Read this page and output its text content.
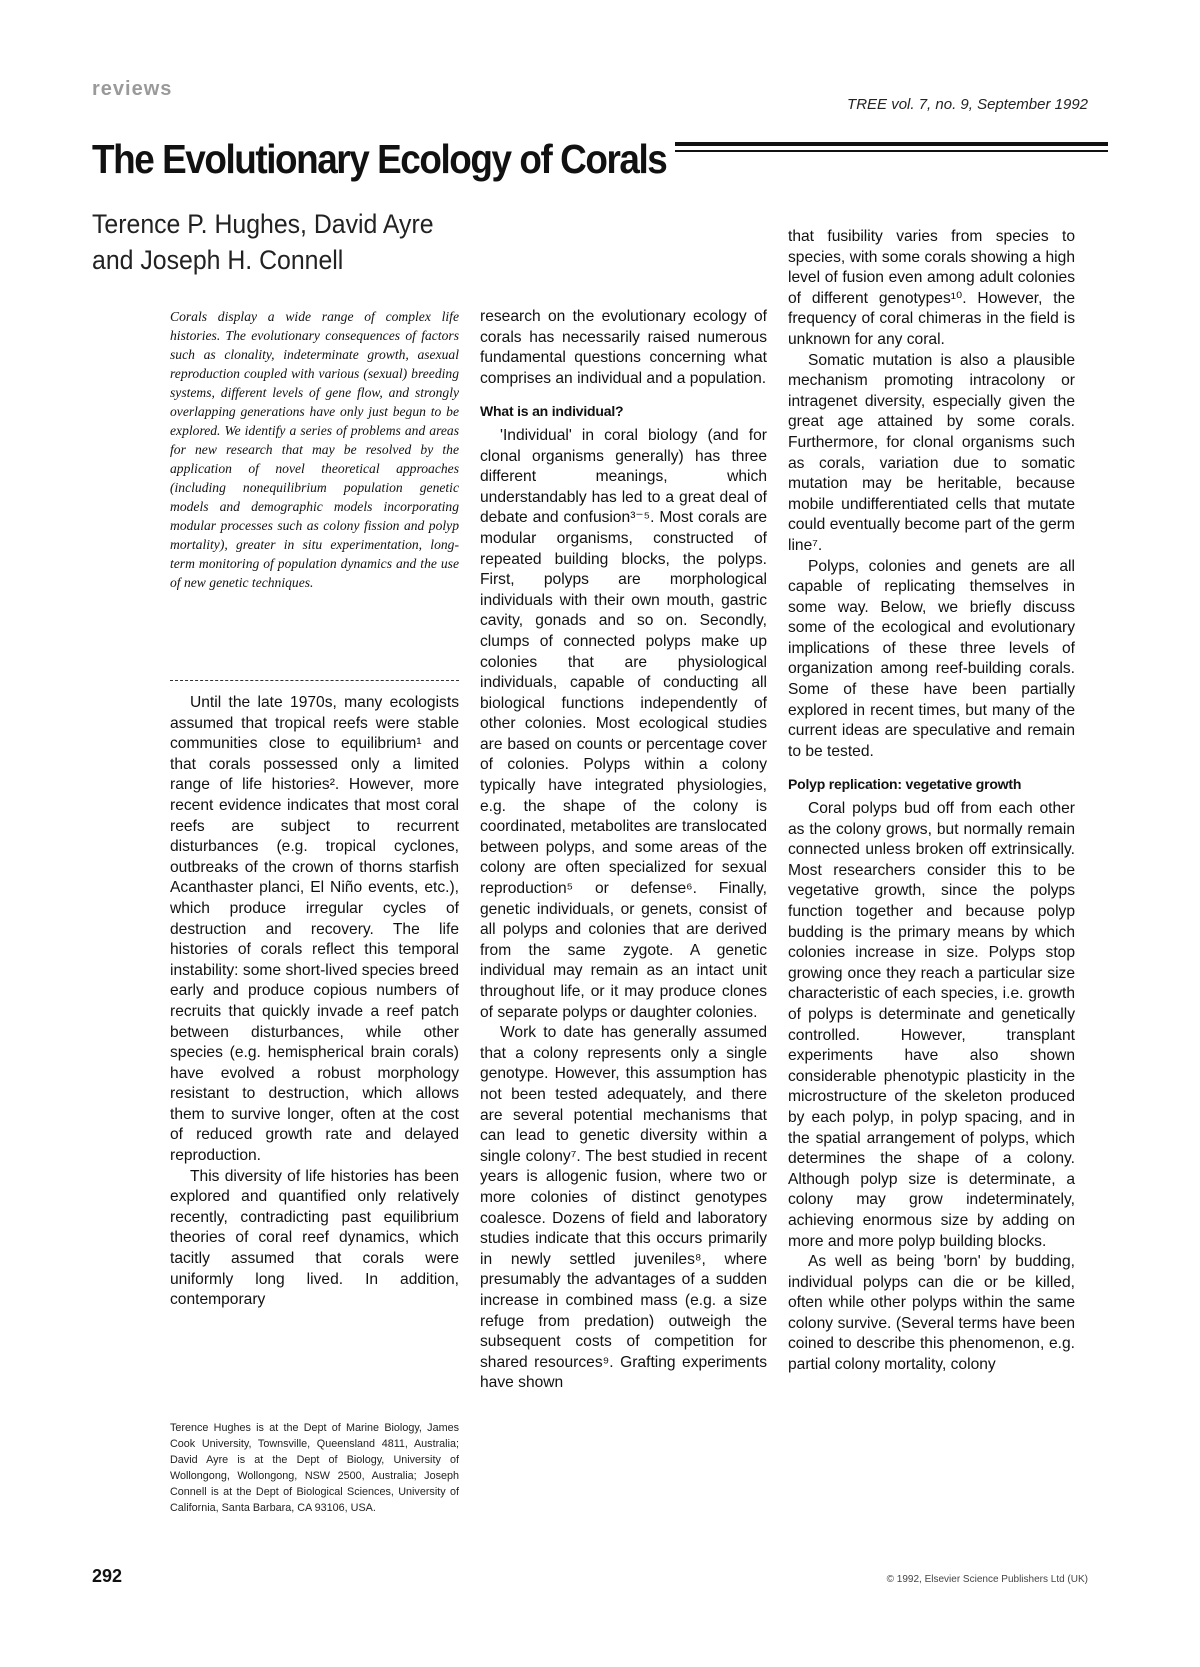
reviews
TREE vol. 7, no. 9, September 1992
The Evolutionary Ecology of Corals
Terence P. Hughes, David Ayre
and Joseph H. Connell
Corals display a wide range of complex life histories. The evolutionary consequences of factors such as clonality, indeterminate growth, asexual reproduction coupled with various (sexual) breeding systems, different levels of gene flow, and strongly overlapping generations have only just begun to be explored. We identify a series of problems and areas for new research that may be resolved by the application of novel theoretical approaches (including nonequilibrium population genetic models and demographic models incorporating modular processes such as colony fission and polyp mortality), greater in situ experimentation, long-term monitoring of population dynamics and the use of new genetic techniques.

Until the late 1970s, many ecologists assumed that tropical reefs were stable communities close to equilibrium¹ and that corals possessed only a limited range of life histories². However, more recent evidence indicates that most coral reefs are subject to recurrent disturbances (e.g. tropical cyclones, outbreaks of the crown of thorns starfish Acanthaster planci, El Niño events, etc.), which produce irregular cycles of destruction and recovery. The life histories of corals reflect this temporal instability: some short-lived species breed early and produce copious numbers of recruits that quickly invade a reef patch between disturbances, while other species (e.g. hemispherical brain corals) have evolved a robust morphology resistant to destruction, which allows them to survive longer, often at the cost of reduced growth rate and delayed reproduction.

This diversity of life histories has been explored and quantified only relatively recently, contradicting past equilibrium theories of coral reef dynamics, which tacitly assumed that corals were uniformly long lived. In addition, contemporary

Terence Hughes is at the Dept of Marine Biology, James Cook University, Townsville, Queensland 4811, Australia; David Ayre is at the Dept of Biology, University of Wollongong, Wollongong, NSW 2500, Australia; Joseph Connell is at the Dept of Biological Sciences, University of California, Santa Barbara, CA 93106, USA.

research on the evolutionary ecology of corals has necessarily raised numerous fundamental questions concerning what comprises an individual and a population.

What is an individual?

'Individual' in coral biology (and for clonal organisms generally) has three different meanings, which understandably has led to a great deal of debate and confusion³⁻⁵. Most corals are modular organisms, constructed of repeated building blocks, the polyps. First, polyps are morphological individuals with their own mouth, gastric cavity, gonads and so on. Secondly, clumps of connected polyps make up colonies that are physiological individuals, capable of conducting all biological functions independently of other colonies. Most ecological studies are based on counts or percentage cover of colonies. Polyps within a colony typically have integrated physiologies, e.g. the shape of the colony is coordinated, metabolites are translocated between polyps, and some areas of the colony are often specialized for sexual reproduction⁵ or defense⁶. Finally, genetic individuals, or genets, consist of all polyps and colonies that are derived from the same zygote. A genetic individual may remain as an intact unit throughout life, or it may produce clones of separate polyps or daughter colonies.

Work to date has generally assumed that a colony represents only a single genotype. However, this assumption has not been tested adequately, and there are several potential mechanisms that can lead to genetic diversity within a single colony⁷. The best studied in recent years is allogenic fusion, where two or more colonies of distinct genotypes coalesce. Dozens of field and laboratory studies indicate that this occurs primarily in newly settled juveniles⁸, where presumably the advantages of a sudden increase in combined mass (e.g. a size refuge from predation) outweigh the subsequent costs of competition for shared resources⁹. Grafting experiments have shown

that fusibility varies from species to species, with some corals showing a high level of fusion even among adult colonies of different genotypes¹⁰. However, the frequency of coral chimeras in the field is unknown for any coral.

Somatic mutation is also a plausible mechanism promoting intracolony or intragenet diversity, especially given the great age attained by some corals. Furthermore, for clonal organisms such as corals, variation due to somatic mutation may be heritable, because mobile undifferentiated cells that mutate could eventually become part of the germ line⁷.

Polyps, colonies and genets are all capable of replicating themselves in some way. Below, we briefly discuss some of the ecological and evolutionary implications of these three levels of organization among reef-building corals. Some of these have been partially explored in recent times, but many of the current ideas are speculative and remain to be tested.

Polyp replication: vegetative growth

Coral polyps bud off from each other as the colony grows, but normally remain connected unless broken off extrinsically. Most researchers consider this to be vegetative growth, since the polyps function together and because polyp budding is the primary means by which colonies increase in size. Polyps stop growing once they reach a particular size characteristic of each species, i.e. growth of polyps is determinate and genetically controlled. However, transplant experiments have also shown considerable phenotypic plasticity in the microstructure of the skeleton produced by each polyp, in polyp spacing, and in the spatial arrangement of polyps, which determines the shape of a colony. Although polyp size is determinate, a colony may grow indeterminately, achieving enormous size by adding on more and more polyp building blocks.

As well as being 'born' by budding, individual polyps can die or be killed, often while other polyps within the same colony survive. (Several terms have been coined to describe this phenomenon, e.g. partial colony mortality, colony

292	© 1992, Elsevier Science Publishers Ltd (UK)
